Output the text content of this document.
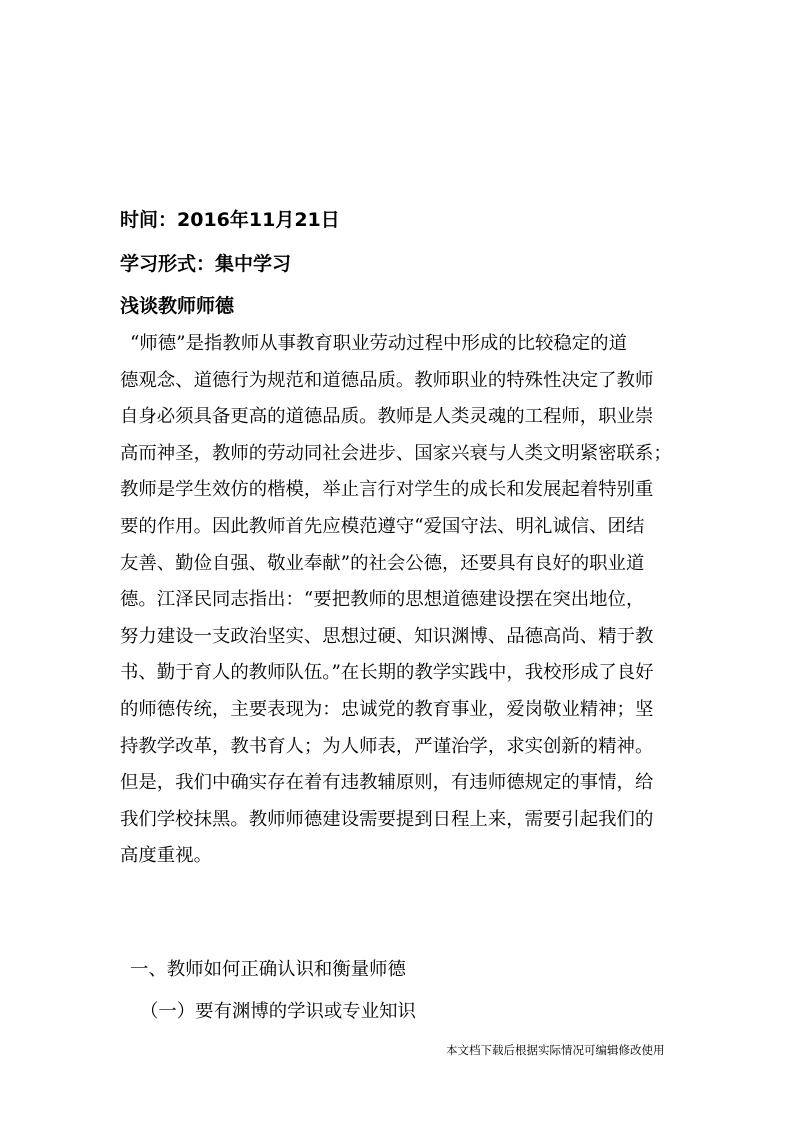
时间：2016年11月21日
学习形式：集中学习
浅谈教师师德
“师德”是指教师从事教育职业劳动过程中形成的比较稳定的道
德观念、道德行为规范和道德品质。教师职业的特殊性决定了教师
自身必须具备更高的道德品质。教师是人类灵魂的工程师，职业崇
高而神圣，教师的劳动同社会进步、国家兴衰与人类文明紧密联系；
教师是学生效仿的楷模，举止言行对学生的成长和发展起着特别重
要的作用。因此教师首先应模范遵守“爱国守法、明礼诚信、团结
友善、勤俭自强、敬业奉献”的社会公德，还要具有良好的职业道
德。江泽民同志指出：“要把教师的思想道德建设摆在突出地位，
努力建设一支政治坚实、思想过硬、知识渊博、品德高尚、精于教
书、勤于育人的教师队伍。”在长期的教学实践中，我校形成了良好
的师德传统，主要表现为：忠诚党的教育事业，爱岗敬业精神；坚
持教学改革，教书育人；为人师表，严谨治学，求实创新的精神。
但是，我们中确实存在着有违教辅原则，有违师德规定的事情，给
我们学校抹黑。教师师德建设需要提到日程上来，需要引起我们的
高度重视。
一、教师如何正确认识和衡量师德
（一）要有渊博的学识或专业知识
本文档下载后根据实际情况可编辑修改使用
